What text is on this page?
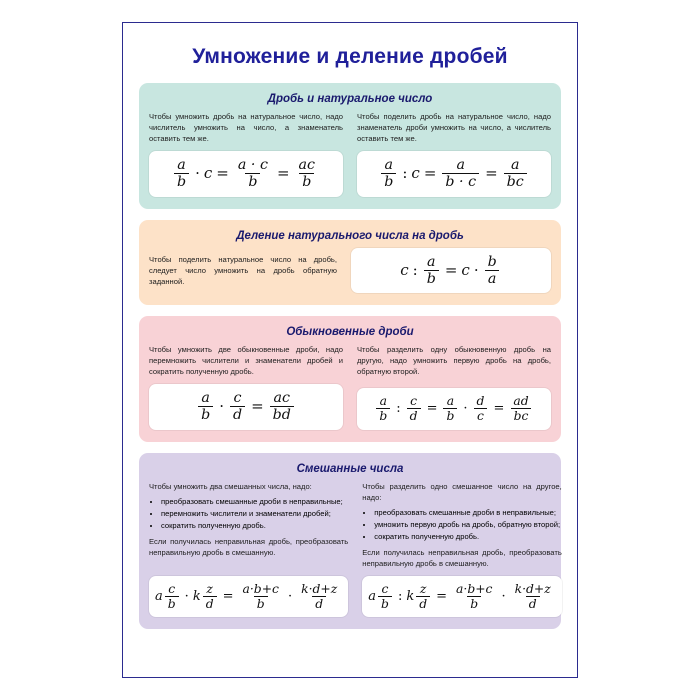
Умножение и деление дробей
Дробь и натуральное число
Чтобы умножить дробь на натуральное число, надо числитель умножить на число, а знаменатель оставить тем же.
$\frac{a}{b} \cdot c = \frac{a \cdot c}{b} = \frac{ac}{b}$
Чтобы поделить дробь на натуральное число, надо знаменатель дроби умножить на число, а числитель оставить тем же.
$\frac{a}{b}$ : $c = \frac{a}{b \cdot c} = \frac{a}{bc}$
Деление натурального числа на дробь
Чтобы поделить натуральное число на дробь, следует число умножить на дробь обратную заданной.
c : $\frac{a}{b} = c \cdot \frac{b}{a}$
Обыкновенные дроби
Чтобы умножить две обыкновенные дроби, надо перемножить числители и знаменатели дробей и сократить полученную дробь.
$\frac{a}{b} \cdot \frac{c}{d} = \frac{ac}{bd}$
Чтобы разделить одну обыкновенную дробь на другую, надо умножить первую дробь на дробь, обратную второй.
$\frac{a}{b}$ : $\frac{c}{d} = \frac{a}{b} \cdot \frac{d}{c} = \frac{ad}{bc}$
Смешанные числа
Чтобы умножить два смешанных числа, надо:
• преобразовать смешанные дроби в неправильные;
• перемножить числители и знаменатели дробей;
• сократить полученную дробь.
Если получилась неправильная дробь, преобразовать неправильную дробь в смешанную.
a $\frac{c}{b} \cdot k \frac{z}{d} = \frac{a\cdot b+c}{b} \cdot \frac{k\cdot d+z}{d}$
Чтобы разделить одно смешанное число на другое, надо:
• преобразовать смешанные дроби в неправильные;
• умножить первую дробь на дробь, обратную второй;
• сократить полученную дробь.
Если получилась неправильная дробь, преобразовать неправильную дробь в смешанную.
a $\frac{c}{b}$ : k $\frac{z}{d} = \frac{a\cdot b+c}{b} \cdot \frac{k\cdot d+z}{d}$
